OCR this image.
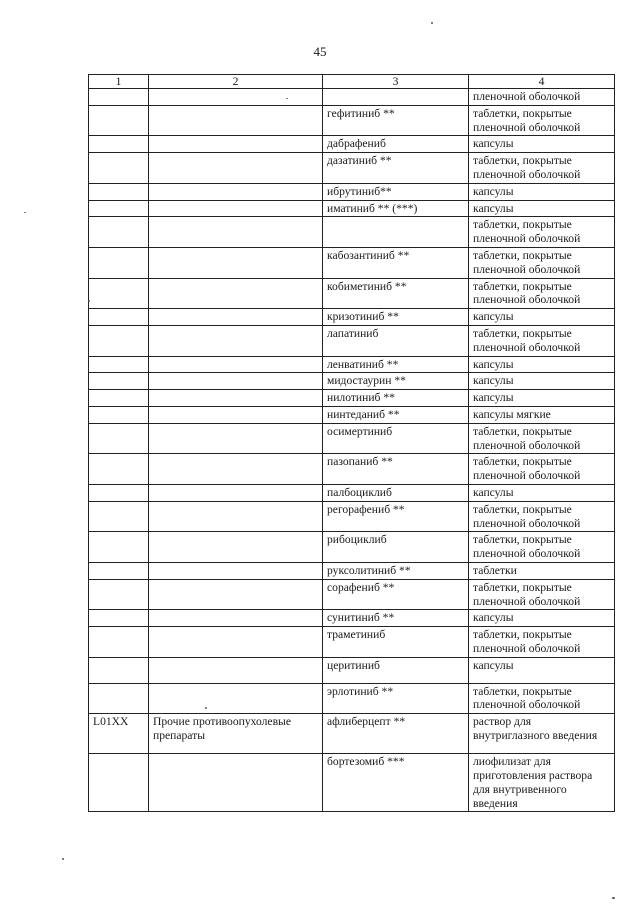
45
1	2	3	4
			пленочной оболочкой
		гефитиниб **	таблетки, покрытые пленочной оболочкой
		дабрафениб	капсулы
		дазатиниб **	таблетки, покрытые пленочной оболочкой
		ибрутиниб**	капсулы
		иматиниб ** (***)	капсулы
			таблетки, покрытые пленочной оболочкой
		кабозантиниб **	таблетки, покрытые пленочной оболочкой
		кобиметиниб **	таблетки, покрытые пленочной оболочкой
		кризотиниб **	капсулы
		лапатиниб	таблетки, покрытые пленочной оболочкой
		ленватиниб **	капсулы
		мидостаурин **	капсулы
		нилотиниб **	капсулы
		нинтеданиб **	капсулы мягкие
		осимертиниб	таблетки, покрытые пленочной оболочкой
		пазопаниб **	таблетки, покрытые пленочной оболочкой
		палбоциклиб	капсулы
		регорафениб **	таблетки, покрытые пленочной оболочкой
		рибоциклиб	таблетки, покрытые пленочной оболочкой
		руксолитиниб **	таблетки
		сорафениб **	таблетки, покрытые пленочной оболочкой
		сунитиниб **	капсулы
		траметиниб	таблетки, покрытые пленочной оболочкой
		церитиниб	капсулы
		эрлотиниб **	таблетки, покрытые пленочной оболочкой
L01XX	Прочие противоопухолевые препараты	афлиберцепт **	раствор для внутриглазного введения
		бортезомиб ***	лиофилизат для приготовления раствора для внутривенного введения
